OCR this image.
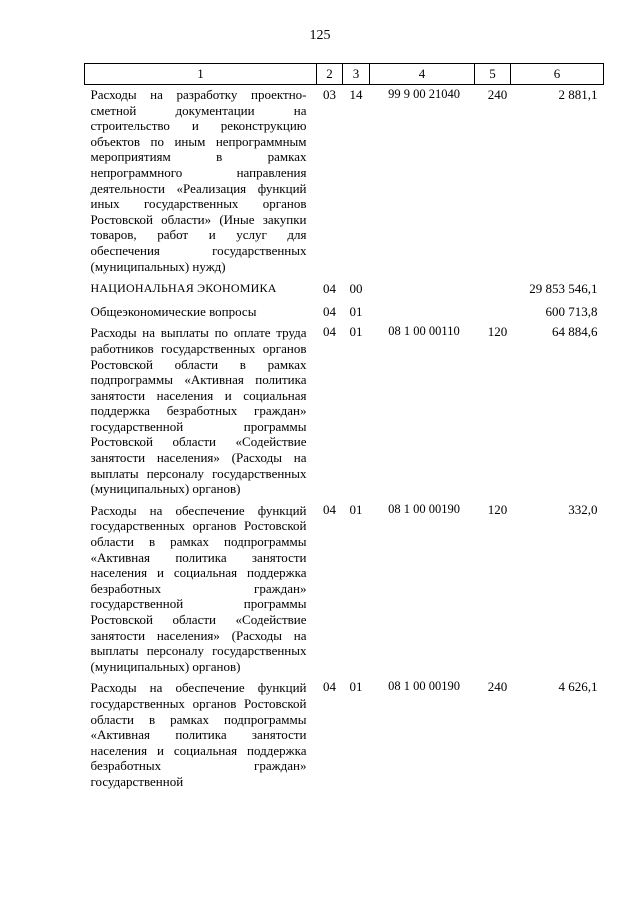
125
1	2	3	4	5	6
Расходы на разработку проектно-сметной документации на строительство и реконструкцию объектов по иным непрограммным мероприятиям в рамках непрограммного направления деятельности «Реализация функций иных государственных органов Ростовской области» (Иные закупки товаров, работ и услуг для обеспечения государственных (муниципальных) нужд)	03	14	99 9 00 21040	240	2 881,1
НАЦИОНАЛЬНАЯ ЭКОНОМИКА	04	00			29 853 546,1
Общеэкономические вопросы	04	01			600 713,8
Расходы на выплаты по оплате труда работников государственных органов Ростовской области в рамках подпрограммы «Активная политика занятости населения и социальная поддержка безработных граждан» государственной программы Ростовской области «Содействие занятости населения» (Расходы на выплаты персоналу государственных (муниципальных) органов)	04	01	08 1 00 00110	120	64 884,6
Расходы на обеспечение функций государственных органов Ростовской области в рамках подпрограммы «Активная политика занятости населения и социальная поддержка безработных граждан» государственной программы Ростовской области «Содействие занятости населения» (Расходы на выплаты персоналу государственных (муниципальных) органов)	04	01	08 1 00 00190	120	332,0
Расходы на обеспечение функций государственных органов Ростовской области в рамках подпрограммы «Активная политика занятости населения и социальная поддержка безработных граждан» государственной	04	01	08 1 00 00190	240	4 626,1
